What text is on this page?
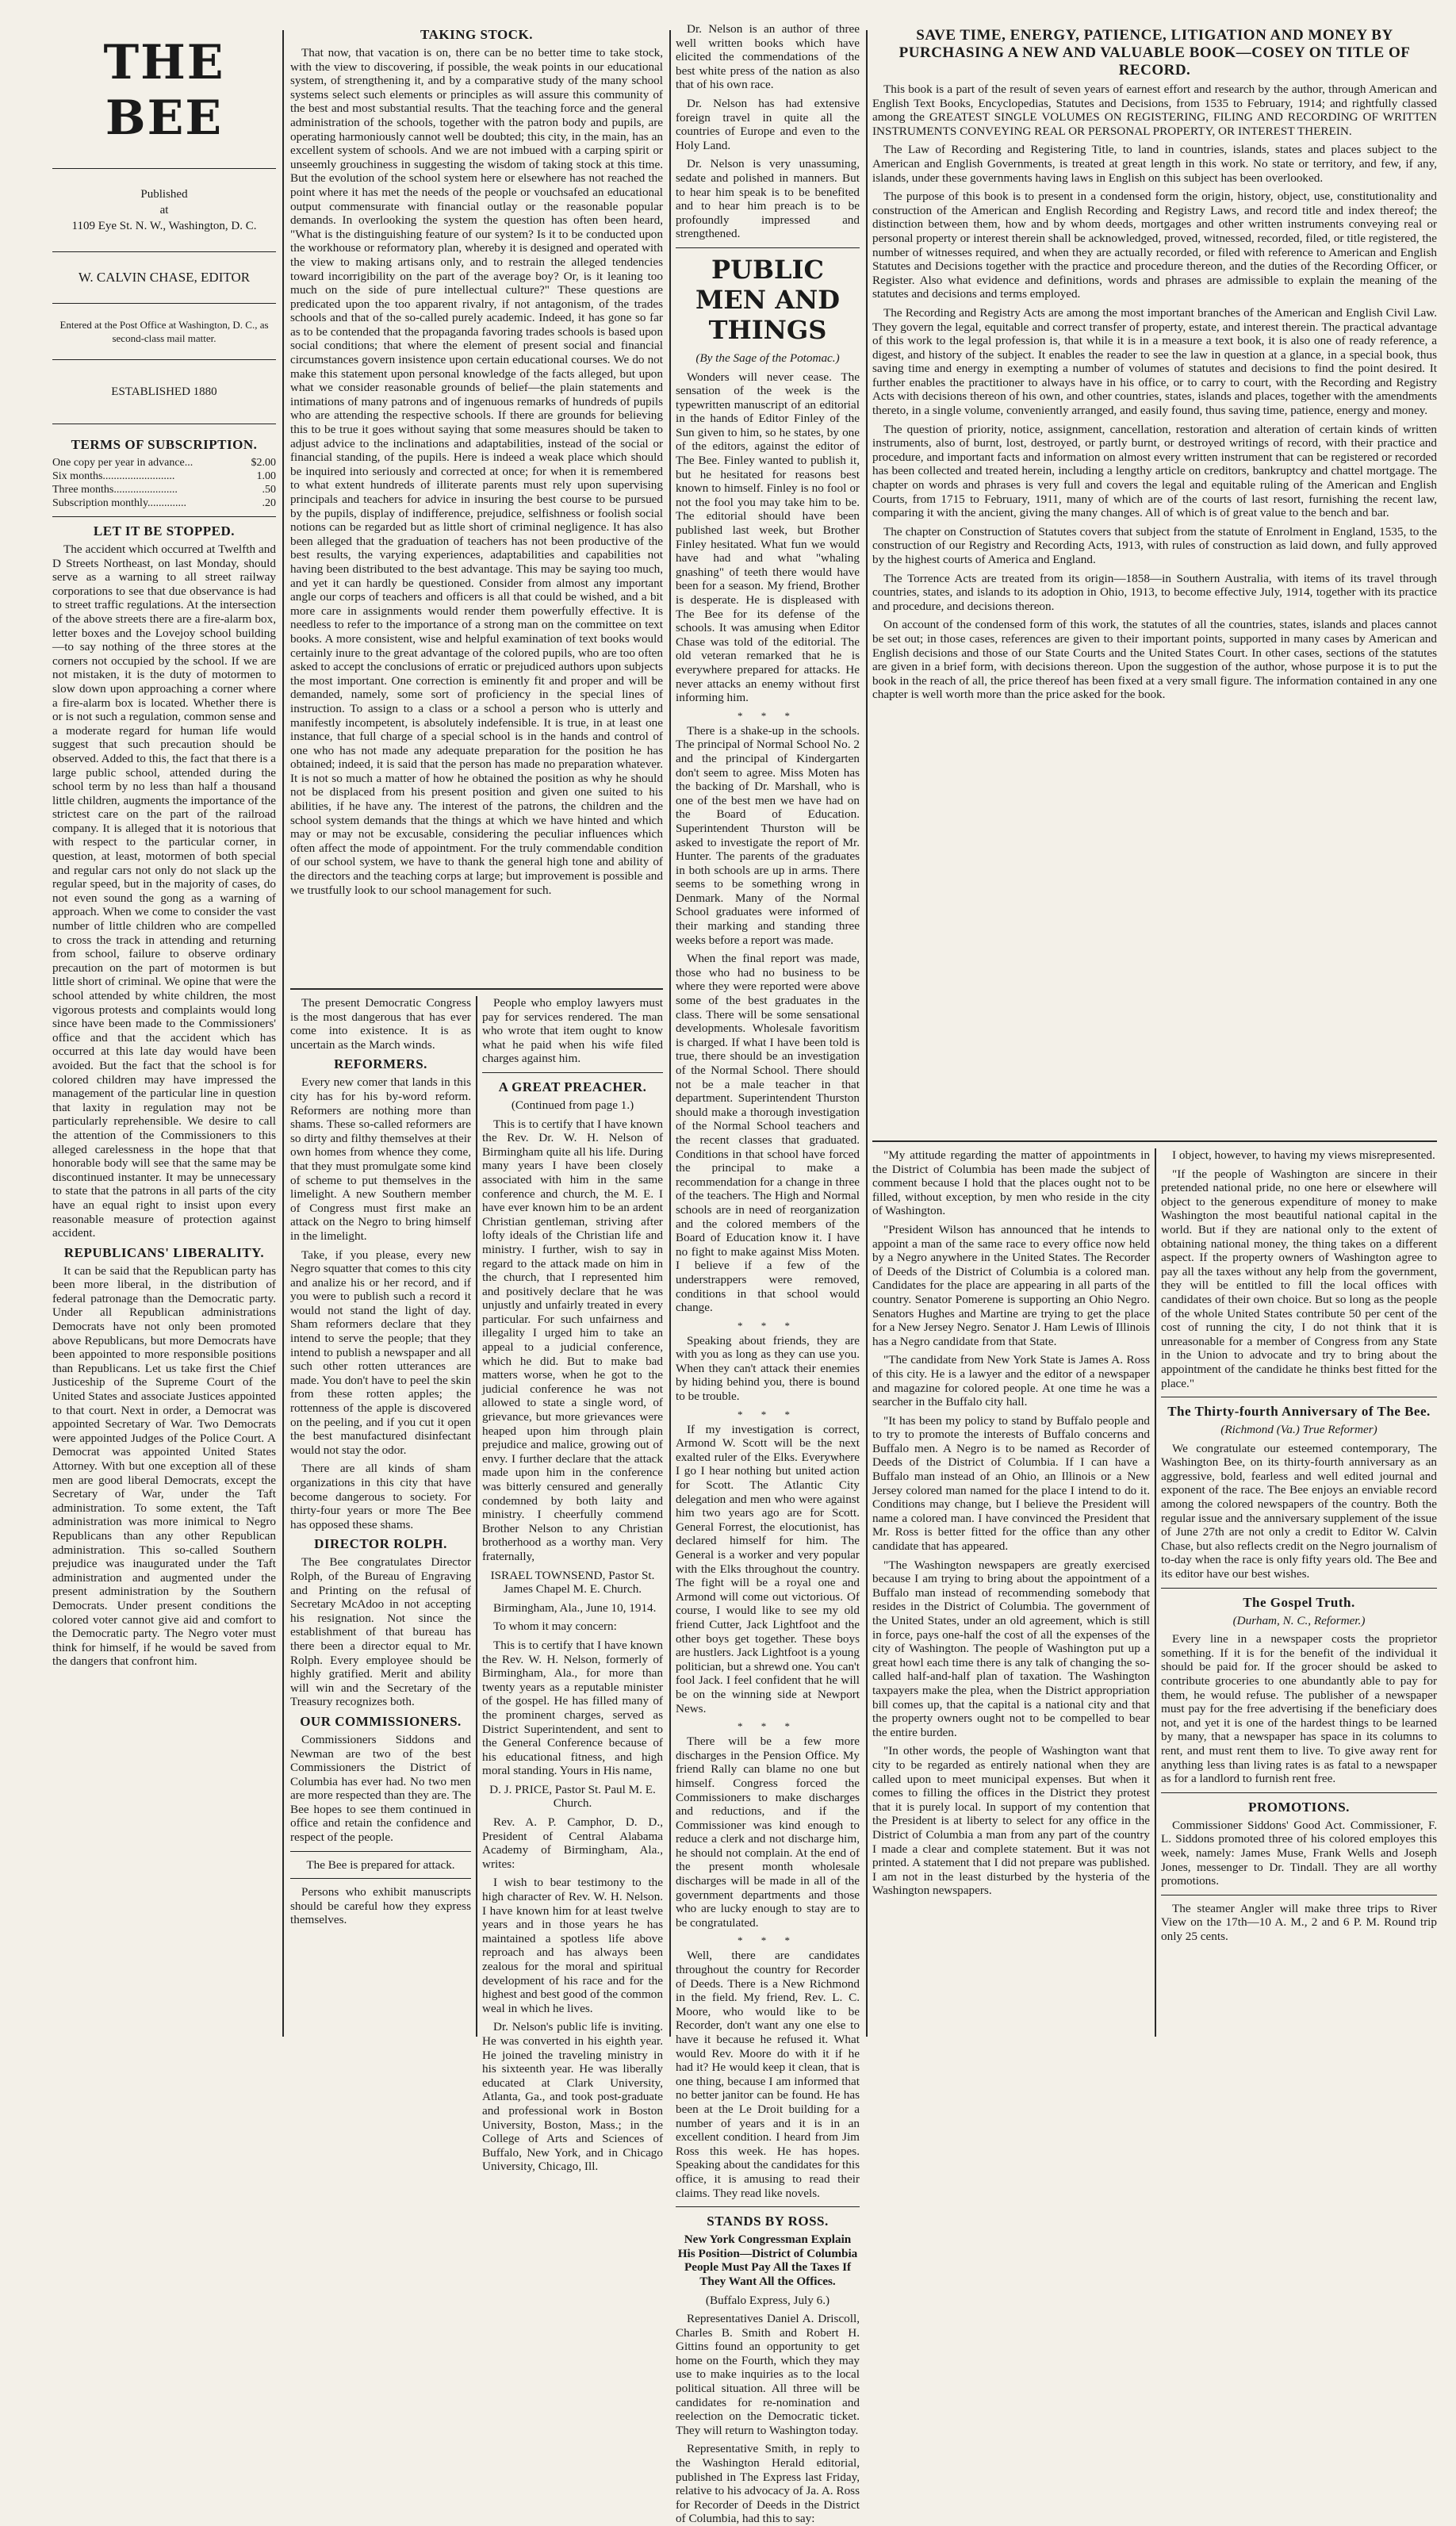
THE BEE
Published
at
1109 Eye St. N. W., Washington, D. C.
W. CALVIN CHASE, EDITOR
Entered at the Post Office at Washington, D. C., as second-class mail matter.
ESTABLISHED 1880
TERMS OF SUBSCRIPTION.
One copy per year in advance...	$2.00
Six months..........................	1.00
Three months.......................	.50
Subscription monthly..............	.20
LET IT BE STOPPED.

The accident which occurred at Twelfth and D Streets Northeast, on last Monday, should serve as a warning to all street railway corporations to see that due observance is had to street traffic regulations. At the intersection of the above streets there are a fire-alarm box, letter boxes and the Lovejoy school building—to say nothing of the three stores at the corners not occupied by the school. If we are not mistaken, it is the duty of motormen to slow down upon approaching a corner where a fire-alarm box is located. Whether there is or is not such a regulation, common sense and a moderate regard for human life would suggest that such precaution should be observed. Added to this, the fact that there is a large public school, attended during the school term by no less than half a thousand little children, augments the importance of the strictest care on the part of the railroad company. It is alleged that it is notorious that with respect to the particular corner, in question, at least, motormen of both special and regular cars not only do not slack up the regular speed, but in the majority of cases, do not even sound the gong as a warning of approach. When we come to consider the vast number of little children who are compelled to cross the track in attending and returning from school, failure to observe ordinary precaution on the part of motormen is but little short of criminal. We opine that were the school attended by white children, the most vigorous protests and complaints would long since have been made to the Commissioners' office and that the accident which has occurred at this late day would have been avoided. But the fact that the school is for colored children may have impressed the management of the particular line in question that laxity in regulation may not be particularly reprehensible. We desire to call the attention of the Commissioners to this alleged carelessness in the hope that that honorable body will see that the same may be discontinued instanter. It may be unnecessary to state that the patrons in all parts of the city have an equal right to insist upon every reasonable measure of protection against accident.

REPUBLICANS' LIBERALITY.

It can be said that the Republican party has been more liberal, in the distribution of federal patronage than the Democratic party. Under all Republican administrations Democrats have not only been promoted above Republicans, but more Democrats have been appointed to more responsible positions than Republicans. Let us take first the Chief Justiceship of the Supreme Court of the United States and associate Justices appointed to that court. Next in order, a Democrat was appointed Secretary of War. Two Democrats were appointed Judges of the Police Court. A Democrat was appointed United States Attorney. With but one exception all of these men are good liberal Democrats, except the Secretary of War, under the Taft administration. To some extent, the Taft administration was more inimical to Negro Republicans than any other Republican administration. This so-called Southern prejudice was inaugurated under the Taft administration and augmented under the present administration by the Southern Democrats. Under present conditions the colored voter cannot give aid and comfort to the Democratic party. The Negro voter must think for himself, if he would be saved from the dangers that confront him.

TAKING STOCK.

That now, that vacation is on, there can be no better time to take stock, with the view to discovering, if possible, the weak points in our educational system, of strengthening it, and by a comparative study of the many school systems select such elements or principles as will assure this community of the best and most substantial results. That the teaching force and the general administration of the schools, together with the patron body and pupils, are operating harmoniously cannot well be doubted; this city, in the main, has an excellent system of schools. And we are not imbued with a carping spirit or unseemly grouchiness in suggesting the wisdom of taking stock at this time. But the evolution of the school system here or elsewhere has not reached the point where it has met the needs of the people or vouchsafed an educational output commensurate with financial outlay or the reasonable popular demands. In overlooking the system the question has often been heard, "What is the distinguishing feature of our system? Is it to be conducted upon the workhouse or reformatory plan, whereby it is designed and operated with the view to making artisans only, and to restrain the alleged tendencies toward incorrigibility on the part of the average boy? Or, is it leaning too much on the side of pure intellectual culture?" These questions are predicated upon the too apparent rivalry, if not antagonism, of the trades schools and that of the so-called purely academic. Indeed, it has gone so far as to be contended that the propaganda favoring trades schools is based upon social conditions; that where the element of present social and financial circumstances govern insistence upon certain educational courses. We do not make this statement upon personal knowledge of the facts alleged, but upon what we consider reasonable grounds of belief—the plain statements and intimations of many patrons and of ingenuous remarks of hundreds of pupils who are attending the respective schools. If there are grounds for believing this to be true it goes without saying that some measures should be taken to adjust advice to the inclinations and adaptabilities, instead of the social or financial standing, of the pupils. Here is indeed a weak place which should be inquired into seriously and corrected at once; for when it is remembered to what extent hundreds of illiterate parents must rely upon supervising principals and teachers for advice in insuring the best course to be pursued by the pupils, display of indifference, prejudice, selfishness or foolish social notions can be regarded but as little short of criminal negligence. It has also been alleged that the graduation of teachers has not been productive of the best results, the varying experiences, adaptabilities and capabilities not having been distributed to the best advantage. This may be saying too much, and yet it can hardly be questioned. Consider from almost any important angle our corps of teachers and officers is all that could be wished, and a bit more care in assignments would render them powerfully effective. It is needless to refer to the importance of a strong man on the committee on text books. A more consistent, wise and helpful examination of text books would certainly inure to the great advantage of the colored pupils, who are too often asked to accept the conclusions of erratic or prejudiced authors upon subjects the most important. One correction is eminently fit and proper and will be demanded, namely, some sort of proficiency in the special lines of instruction. To assign to a class or a school a person who is utterly and manifestly incompetent, is absolutely indefensible. It is true, in at least one instance, that full charge of a special school is in the hands and control of one who has not made any adequate preparation for the position he has obtained; indeed, it is said that the person has made no preparation whatever. It is not so much a matter of how he obtained the position as why he should not be displaced from his present position and given one suited to his abilities, if he have any. The interest of the patrons, the children and the school system demands that the things at which we have hinted and which may or may not be excusable, considering the peculiar influences which often affect the mode of appointment. For the truly commendable condition of our school system, we have to thank the general high tone and ability of the directors and the teaching corps at large; but improvement is possible and we trustfully look to our school management for such.

The present Democratic Congress is the most dangerous that has ever come into existence. It is as uncertain as the March winds.

REFORMERS.

Every new comer that lands in this city has for his by-word reform. Reformers are nothing more than shams. These so-called reformers are so dirty and filthy themselves at their own homes from whence they come, that they must promulgate some kind of scheme to put themselves in the limelight. A new Southern member of Congress must first make an attack on the Negro to bring himself in the limelight.

Take, if you please, every new Negro squatter that comes to this city and analize his or her record, and if you were to publish such a record it would not stand the light of day. Sham reformers declare that they intend to serve the people; that they intend to publish a newspaper and all such other rotten utterances are made. You don't have to peel the skin from these rotten apples; the rottenness of the apple is discovered on the peeling, and if you cut it open the best manufactured disinfectant would not stay the odor.

There are all kinds of sham organizations in this city that have become dangerous to society. For thirty-four years or more The Bee has opposed these shams.

DIRECTOR ROLPH.

The Bee congratulates Director Rolph, of the Bureau of Engraving and Printing on the refusal of Secretary McAdoo in not accepting his resignation. Not since the establishment of that bureau has there been a director equal to Mr. Rolph. Every employee should be highly gratified. Merit and ability will win and the Secretary of the Treasury recognizes both.

OUR COMMISSIONERS.

Commissioners Siddons and Newman are two of the best Commissioners the District of Columbia has ever had. No two men are more respected than they are. The Bee hopes to see them continued in office and retain the confidence and respect of the people.

The Bee is prepared for attack.

Persons who exhibit manuscripts should be careful how they express themselves.

People who employ lawyers must pay for services rendered. The man who wrote that item ought to know what he paid when his wife filed charges against him.

A GREAT PREACHER.

(Continued from page 1.)

This is to certify that I have known the Rev. Dr. W. H. Nelson of Birmingham quite all his life. During many years I have been closely associated with him in the same conference and church, the M. E. I have ever known him to be an ardent Christian gentleman, striving after lofty ideals of the Christian life and ministry. I further, wish to say in regard to the attack made on him in the church, that I represented him and positively declare that he was unjustly and unfairly treated in every particular. For such unfairness and illegality I urged him to take an appeal to a judicial conference, which he did. But to make bad matters worse, when he got to the judicial conference he was not allowed to state a single word, of grievance, but more grievances were heaped upon him through plain prejudice and malice, growing out of envy. I further declare that the attack made upon him in the conference was bitterly censured and generally condemned by both laity and ministry. I cheerfully commend Brother Nelson to any Christian brotherhood as a worthy man. Very fraternally,

ISRAEL TOWNSEND, Pastor St. James Chapel M. E. Church.

Birmingham, Ala., June 10, 1914.

To whom it may concern:

This is to certify that I have known the Rev. W. H. Nelson, formerly of Birmingham, Ala., for more than twenty years as a reputable minister of the gospel. He has filled many of the prominent charges, served as District Superintendent, and sent to the General Conference because of his educational fitness, and high moral standing. Yours in His name,

D. J. PRICE, Pastor St. Paul M. E. Church.

Rev. A. P. Camphor, D. D., President of Central Alabama Academy of Birmingham, Ala., writes:

I wish to bear testimony to the high character of Rev. W. H. Nelson. I have known him for at least twelve years and in those years he has maintained a spotless life above reproach and has always been zealous for the moral and spiritual development of his race and for the highest and best good of the common weal in which he lives.

Dr. Nelson's public life is inviting. He was converted in his eighth year. He joined the traveling ministry in his sixteenth year. He was liberally educated at Clark University, Atlanta, Ga., and took post-graduate and professional work in Boston University, Boston, Mass.; in the College of Arts and Sciences of Buffalo, New York, and in Chicago University, Chicago, Ill.

Dr. Nelson is an author of three well written books which have elicited the commendations of the best white press of the nation as also that of his own race.

Dr. Nelson has had extensive foreign travel in quite all the countries of Europe and even to the Holy Land.

Dr. Nelson is very unassuming, sedate and polished in manners. But to hear him speak is to be benefited and to hear him preach is to be profoundly impressed and strengthened.

PUBLIC MEN AND THINGS

(By the Sage of the Potomac.)

Wonders will never cease. The sensation of the week is the typewritten manuscript of an editorial in the hands of Editor Finley of the Sun given to him, so he states, by one of the editors, against the editor of The Bee. Finley wanted to publish it, but he hesitated for reasons best known to himself. Finley is no fool or not the fool you may take him to be. The editorial should have been published last week, but Brother Finley hesitated. What fun we would have had and what "whaling gnashing" of teeth there would have been for a season. My friend, Brother is desperate. He is displeased with The Bee for its defense of the schools. It was amusing when Editor Chase was told of the editorial. The old veteran remarked that he is everywhere prepared for attacks. He never attacks an enemy without first informing him.

* * *

There is a shake-up in the schools. The principal of Normal School No. 2 and the principal of Kindergarten don't seem to agree. Miss Moten has the backing of Dr. Marshall, who is one of the best men we have had on the Board of Education. Superintendent Thurston will be asked to investigate the report of Mr. Hunter. The parents of the graduates in both schools are up in arms. There seems to be something wrong in Denmark. Many of the Normal School graduates were informed of their marking and standing three weeks before a report was made.

When the final report was made, those who had no business to be where they were reported were above some of the best graduates in the class. There will be some sensational developments. Wholesale favoritism is charged. If what I have been told is true, there should be an investigation of the Normal School. There should not be a male teacher in that department. Superintendent Thurston should make a thorough investigation of the Normal School teachers and the recent classes that graduated. Conditions in that school have forced the principal to make a recommendation for a change in three of the teachers. The High and Normal schools are in need of reorganization and the colored members of the Board of Education know it. I have no fight to make against Miss Moten. I believe if a few of the understrappers were removed, conditions in that school would change.

* * *

Speaking about friends, they are with you as long as they can use you. When they can't attack their enemies by hiding behind you, there is bound to be trouble.

* * *

If my investigation is correct, Armond W. Scott will be the next exalted ruler of the Elks. Everywhere I go I hear nothing but united action for Scott. The Atlantic City delegation and men who were against him two years ago are for Scott. General Forrest, the elocutionist, has declared himself for him. The General is a worker and very popular with the Elks throughout the country. The fight will be a royal one and Armond will come out victorious. Of course, I would like to see my old friend Cutter, Jack Lightfoot and the other boys get together. These boys are hustlers. Jack Lightfoot is a young politician, but a shrewd one. You can't fool Jack. I feel confident that he will be on the winning side at Newport News.

* * *

There will be a few more discharges in the Pension Office. My friend Rally can blame no one but himself. Congress forced the Commissioners to make discharges and reductions, and if the Commissioner was kind enough to reduce a clerk and not discharge him, he should not complain. At the end of the present month wholesale discharges will be made in all of the government departments and those who are lucky enough to stay are to be congratulated.

* * *

Well, there are candidates throughout the country for Recorder of Deeds. There is a New Richmond in the field. My friend, Rev. L. C. Moore, who would like to be Recorder, don't want any one else to have it because he refused it. What would Rev. Moore do with it if he had it? He would keep it clean, that is one thing, because I am informed that no better janitor can be found. He has been at the Le Droit building for a number of years and it is in an excellent condition. I heard from Jim Ross this week. He has hopes. Speaking about the candidates for this office, it is amusing to read their claims. They read like novels.

STANDS BY ROSS.

New York Congressman Explain His Position—District of Columbia People Must Pay All the Taxes If They Want All the Offices.

(Buffalo Express, July 6.)

Representatives Daniel A. Driscoll, Charles B. Smith and Robert H. Gittins found an opportunity to get home on the Fourth, which they may use to make inquiries as to the local political situation. All three will be candidates for re-nomination and reelection on the Democratic ticket. They will return to Washington today.

Representative Smith, in reply to the Washington Herald editorial, published in The Express last Friday, relative to his advocacy of Ja. A. Ross for Recorder of Deeds in the District of Columbia, had this to say:

SAVE TIME, ENERGY, PATIENCE, LITIGATION AND MONEY BY PURCHASING A NEW AND VALUABLE BOOK—COSEY ON TITLE OF RECORD.

This book is a part of the result of seven years of earnest effort and research by the author, through American and English Text Books, Encyclopedias, Statutes and Decisions, from 1535 to February, 1914; and rightfully classed among the GREATEST SINGLE VOLUMES ON REGISTERING, FILING AND RECORDING OF WRITTEN INSTRUMENTS CONVEYING REAL OR PERSONAL PROPERTY, OR INTEREST THEREIN.

The Law of Recording and Registering Title, to land in countries, islands, states and places subject to the American and English Governments, is treated at great length in this work. No state or territory, and few, if any, islands, under these governments having laws in English on this subject has been overlooked.

The purpose of this book is to present in a condensed form the origin, history, object, use, constitutionality and construction of the American and English Recording and Registry Laws, and record title and index thereof; the distinction between them, how and by whom deeds, mortgages and other written instruments conveying real or personal property or interest therein shall be acknowledged, proved, witnessed, recorded, filed, or title registered, the number of witnesses required, and when they are actually recorded, or filed with reference to American and English Statutes and Decisions together with the practice and procedure thereon, and the duties of the Recording Officer, or Register. Also what evidence and definitions, words and phrases are admissible to explain the meaning of the statutes and decisions and terms employed.

The Recording and Registry Acts are among the most important branches of the American and English Civil Law. They govern the legal, equitable and correct transfer of property, estate, and interest therein. The practical advantage of this work to the legal profession is, that while it is in a measure a text book, it is also one of ready reference, a digest, and history of the subject. It enables the reader to see the law in question at a glance, in a special book, thus saving time and energy in exempting a number of volumes of statutes and decisions to find the point desired. It further enables the practitioner to always have in his office, or to carry to court, with the Recording and Registry Acts with decisions thereon of his own, and other countries, states, islands and places, together with the amendments thereto, in a single volume, conveniently arranged, and easily found, thus saving time, patience, energy and money.

The question of priority, notice, assignment, cancellation, restoration and alteration of certain kinds of written instruments, also of burnt, lost, destroyed, or partly burnt, or destroyed writings of record, with their practice and procedure, and important facts and information on almost every written instrument that can be registered or recorded has been collected and treated herein, including a lengthy article on creditors, bankruptcy and chattel mortgage. The chapter on words and phrases is very full and covers the legal and equitable ruling of the American and English Courts, from 1715 to February, 1911, many of which are of the courts of last resort, furnishing the recent law, comparing it with the ancient, giving the many changes. All of which is of great value to the bench and bar.

The chapter on Construction of Statutes covers that subject from the statute of Enrolment in England, 1535, to the construction of our Registry and Recording Acts, 1913, with rules of construction as laid down, and fully approved by the highest courts of America and England.

The Torrence Acts are treated from its origin—1858—in Southern Australia, with items of its travel through countries, states, and islands to its adoption in Ohio, 1913, to become effective July, 1914, together with its practice and procedure, and decisions thereon.

On account of the condensed form of this work, the statutes of all the countries, states, islands and places cannot be set out; in those cases, references are given to their important points, supported in many cases by American and English decisions and those of our State Courts and the United States Court. In other cases, sections of the statutes are given in a brief form, with decisions thereon. Upon the suggestion of the author, whose purpose it is to put the book in the reach of all, the price thereof has been fixed at a very small figure. The information contained in any one chapter is well worth more than the price asked for the book.

"My attitude regarding the matter of appointments in the District of Columbia has been made the subject of comment because I hold that the places ought not to be filled, without exception, by men who reside in the city of Washington.

"President Wilson has announced that he intends to appoint a man of the same race to every office now held by a Negro anywhere in the United States. The Recorder of Deeds of the District of Columbia is a colored man. Candidates for the place are appearing in all parts of the country. Senator Pomerene is supporting an Ohio Negro. Senators Hughes and Martine are trying to get the place for a New Jersey Negro. Senator J. Ham Lewis of Illinois has a Negro candidate from that State.

"The candidate from New York State is James A. Ross of this city. He is a lawyer and the editor of a newspaper and magazine for colored people. At one time he was a searcher in the Buffalo city hall.

"It has been my policy to stand by Buffalo people and to try to promote the interests of Buffalo concerns and Buffalo men. A Negro is to be named as Recorder of Deeds of the District of Columbia. If I can have a Buffalo man instead of an Ohio, an Illinois or a New Jersey colored man named for the place I intend to do it. Conditions may change, but I believe the President will name a colored man. I have convinced the President that Mr. Ross is better fitted for the office than any other candidate that has appeared.

"The Washington newspapers are greatly exercised because I am trying to bring about the appointment of a Buffalo man instead of recommending somebody that resides in the District of Columbia. The government of the United States, under an old agreement, which is still in force, pays one-half the cost of all the expenses of the city of Washington. The people of Washington put up a great howl each time there is any talk of changing the so-called half-and-half plan of taxation. The Washington taxpayers make the plea, when the District appropriation bill comes up, that the capital is a national city and that the property owners ought not to be compelled to bear the entire burden.

"In other words, the people of Washington want that city to be regarded as entirely national when they are called upon to meet municipal expenses. But when it comes to filling the offices in the District they protest that it is purely local. In support of my contention that the President is at liberty to select for any office in the District of Columbia a man from any part of the country I made a clear and complete statement. But it was not printed. A statement that I did not prepare was published. I am not in the least disturbed by the hysteria of the Washington newspapers.

I object, however, to having my views misrepresented.

"If the people of Washington are sincere in their pretended national pride, no one here or elsewhere will object to the generous expenditure of money to make Washington the most beautiful national capital in the world. But if they are national only to the extent of obtaining national money, the thing takes on a different aspect. If the property owners of Washington agree to pay all the taxes without any help from the government, they will be entitled to fill the local offices with candidates of their own choice. But so long as the people of the whole United States contribute 50 per cent of the cost of running the city, I do not think that it is unreasonable for a member of Congress from any State in the Union to advocate and try to bring about the appointment of the candidate he thinks best fitted for the place."

The Thirty-fourth Anniversary of The Bee.

(Richmond (Va.) True Reformer)

We congratulate our esteemed contemporary, The Washington Bee, on its thirty-fourth anniversary as an aggressive, bold, fearless and well edited journal and exponent of the race. The Bee enjoys an enviable record among the colored newspapers of the country. Both the regular issue and the anniversary supplement of the issue of June 27th are not only a credit to Editor W. Calvin Chase, but also reflects credit on the Negro journalism of to-day when the race is only fifty years old. The Bee and its editor have our best wishes.

The Gospel Truth.

(Durham, N. C., Reformer.)

Every line in a newspaper costs the proprietor something. If it is for the benefit of the individual it should be paid for. If the grocer should be asked to contribute groceries to one abundantly able to pay for them, he would refuse. The publisher of a newspaper must pay for the free advertising if the beneficiary does not, and yet it is one of the hardest things to be learned by many, that a newspaper has space in its columns to rent, and must rent them to live. To give away rent for anything less than living rates is as fatal to a newspaper as for a landlord to furnish rent free.

PROMOTIONS.

Commissioner Siddons' Good Act. Commissioner, F. L. Siddons promoted three of his colored employes this week, namely: James Muse, Frank Wells and Joseph Jones, messenger to Dr. Tindall. They are all worthy promotions.

The steamer Angler will make three trips to River View on the 17th—10 A. M., 2 and 6 P. M. Round trip only 25 cents.
